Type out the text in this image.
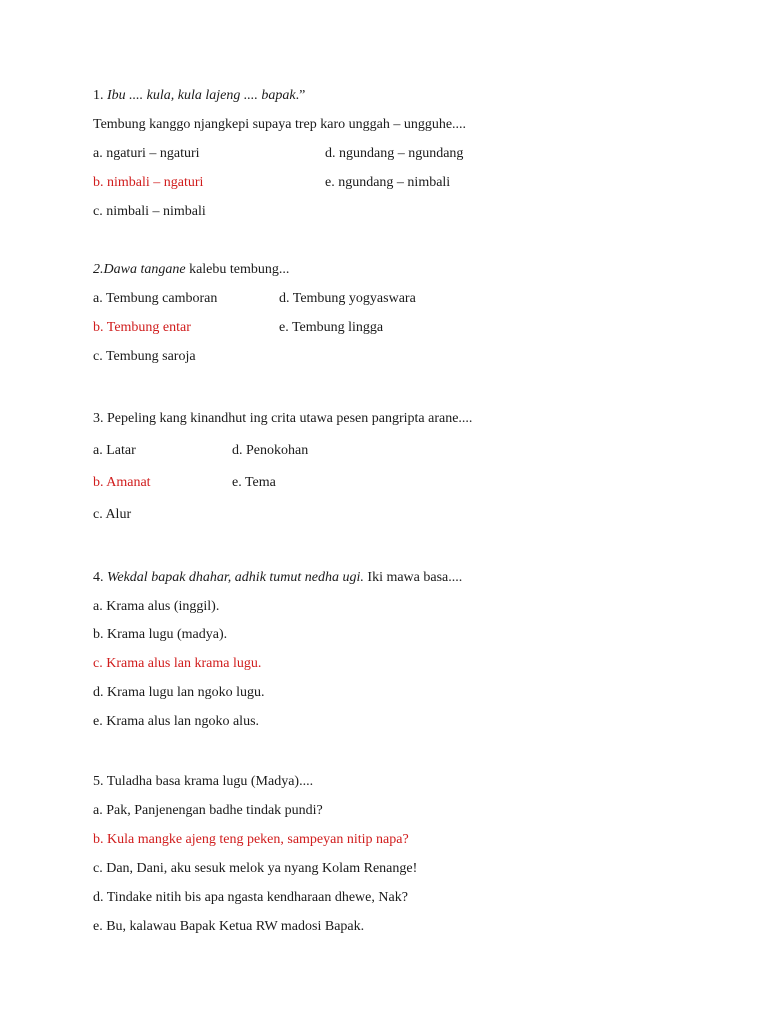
1. Ibu .... kula, kula lajeng .... bapak.”
Tembung kanggo njangkepi supaya trep karo unggah – ungguhe....
a. ngaturi – ngaturi	d. ngundang – ngundang
b. nimbali – ngaturi	e. ngundang – nimbali
c. nimbali – nimbali
2.Dawa tangane kalebu tembung...
a. Tembung camboran	d. Tembung yogyaswara
b. Tembung entar	e. Tembung lingga
c. Tembung saroja
3. Pepeling kang kinandhut ing crita utawa pesen pangripta arane....
a. Latar	d. Penokohan
b. Amanat	e. Tema
c. Alur
4. Wekdal bapak dhahar, adhik tumut nedha ugi. Iki mawa basa....
a. Krama alus (inggil).
b. Krama lugu (madya).
c. Krama alus lan krama lugu.
d. Krama lugu lan ngoko lugu.
e. Krama alus lan ngoko alus.
5. Tuladha basa krama lugu (Madya)....
a. Pak, Panjenengan badhe tindak pundi?
b. Kula mangke ajeng teng peken, sampeyan nitip napa?
c. Dan, Dani, aku sesuk melok ya nyang Kolam Renange!
d. Tindake nitih bis apa ngasta kendharaan dhewe, Nak?
e. Bu, kalawau Bapak Ketua RW madosi Bapak.
